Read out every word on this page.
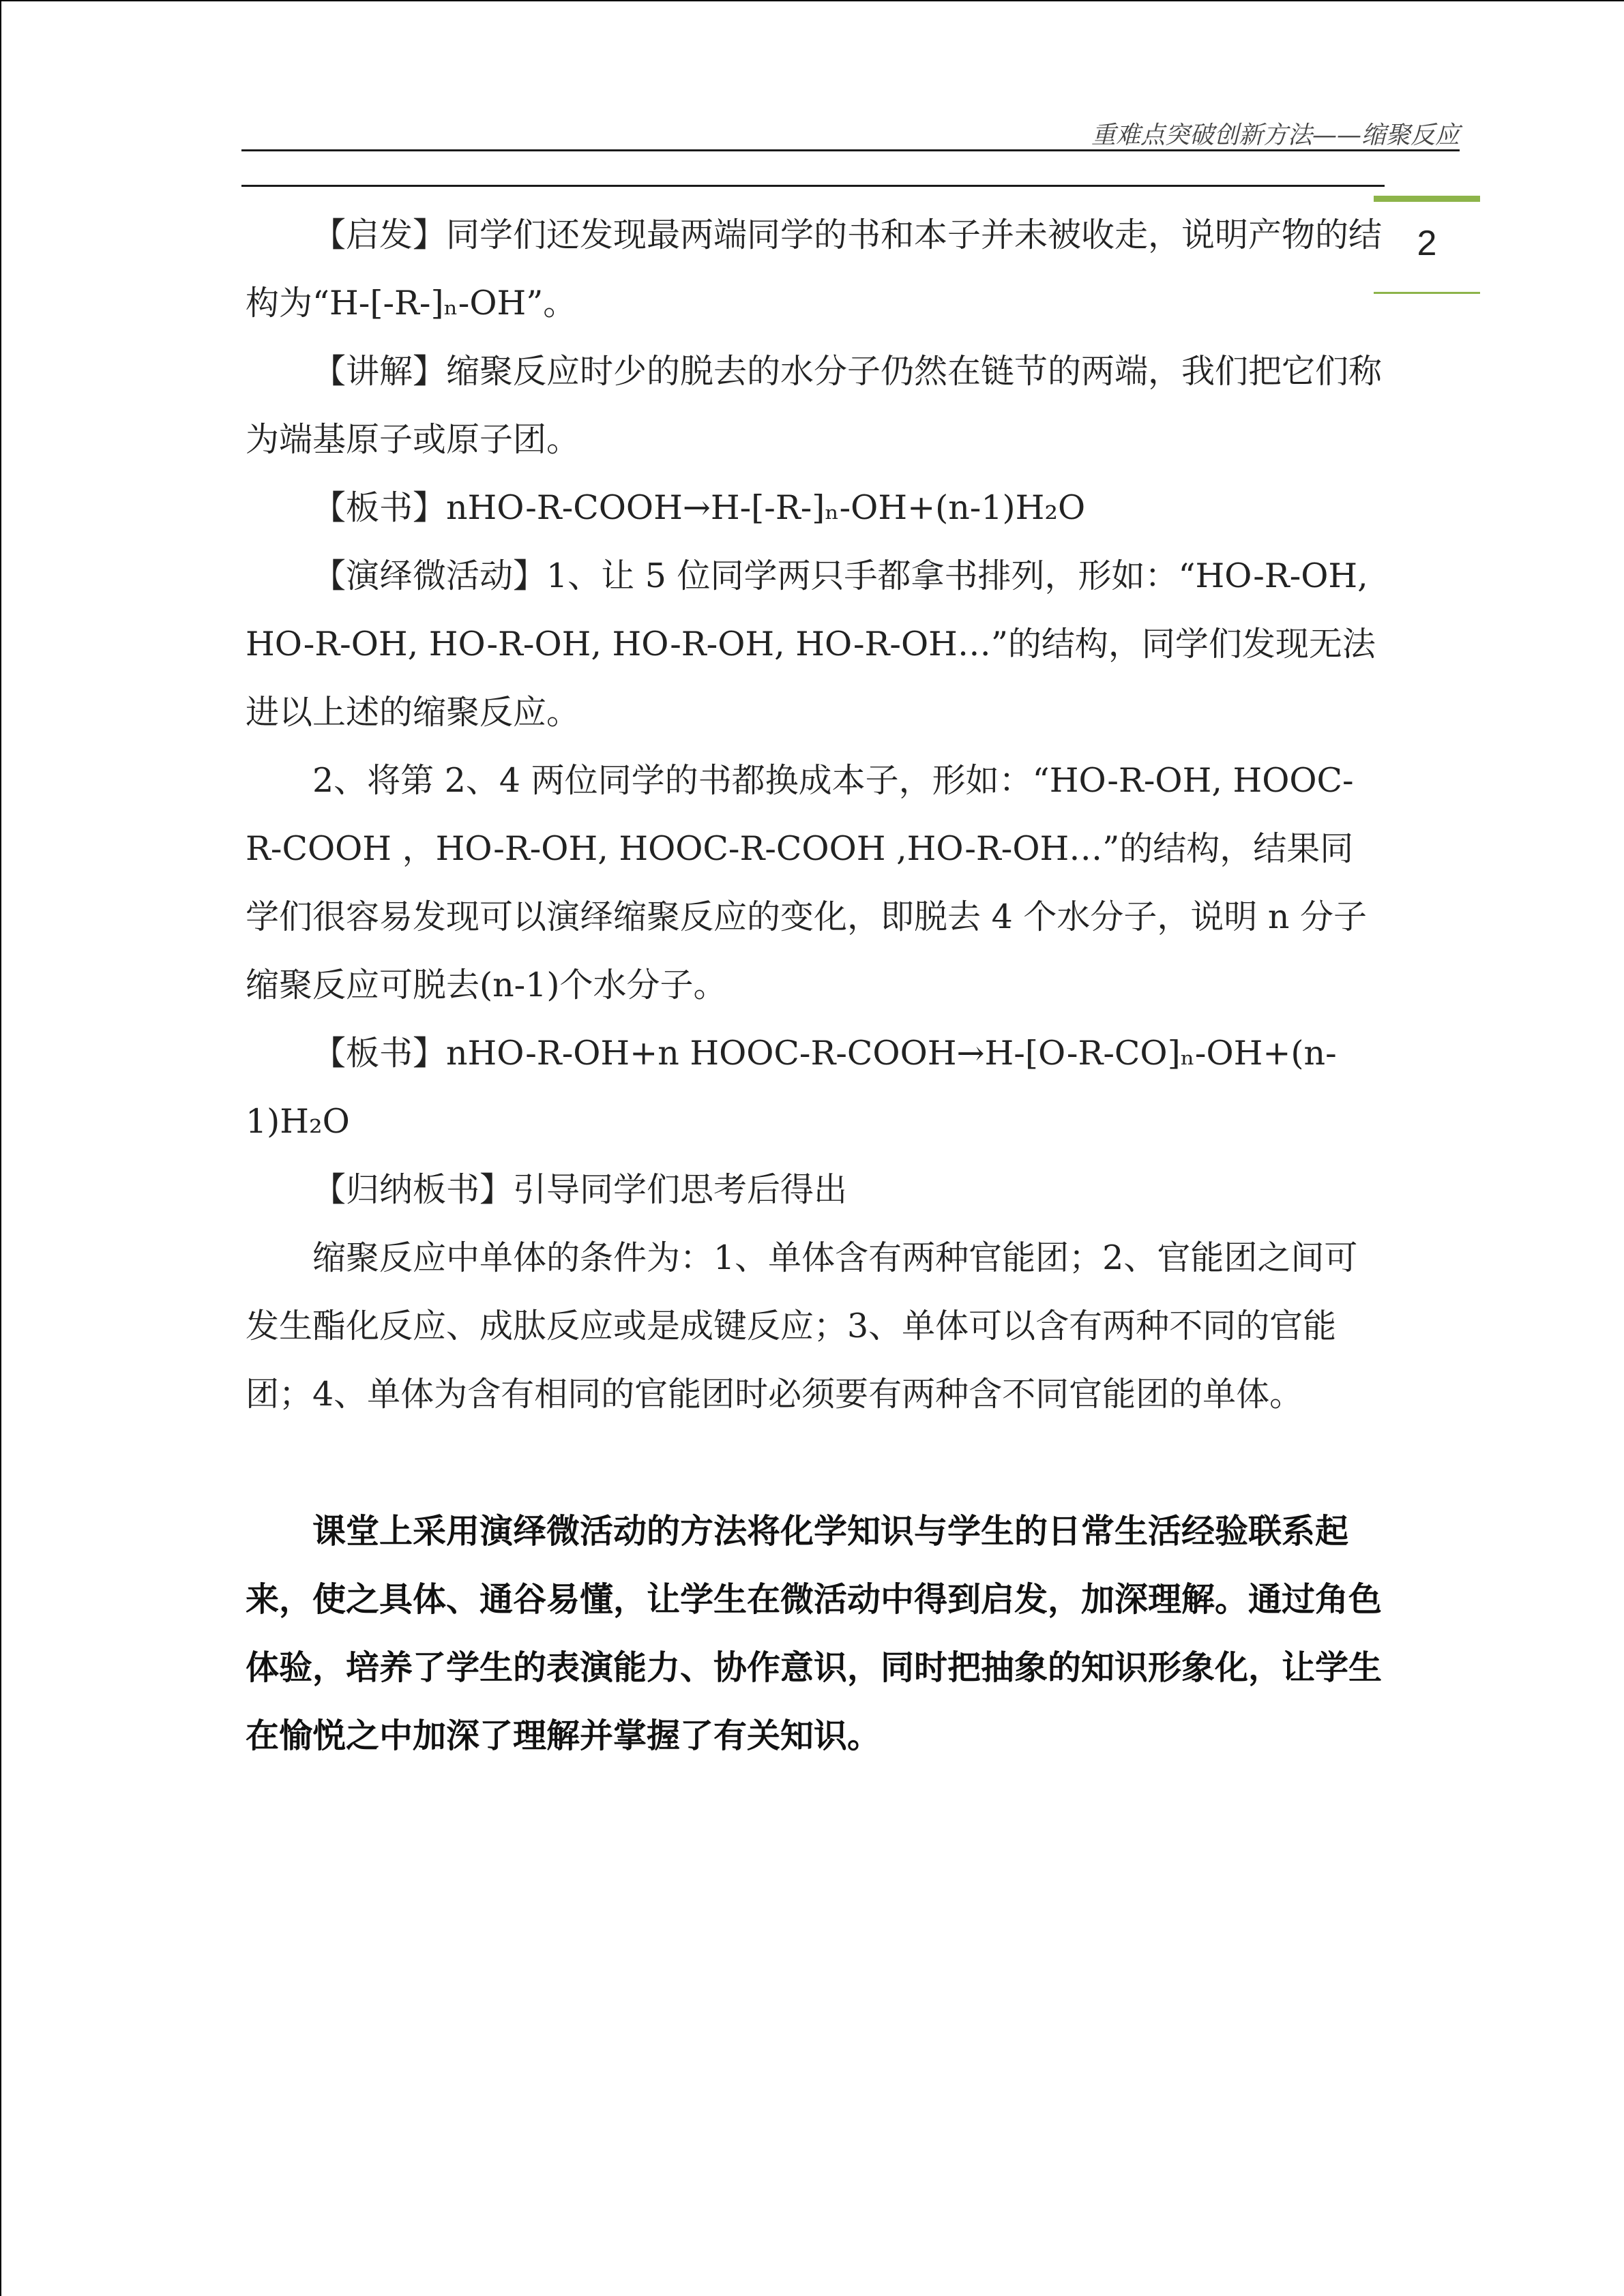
重难点突破创新方法——缩聚反应
2

【启发】同学们还发现最两端同学的书和本子并未被收走，说明产物的结构为“H-[-R-]ₙ-OH”。

【讲解】缩聚反应时少的脱去的水分子仍然在链节的两端，我们把它们称为端基原子或原子团。

【板书】nHO-R-COOH→H-[-R-]ₙ-OH+(n-1)H₂O

【演绎微活动】1、让 5 位同学两只手都拿书排列，形如：“HO-R-OH, HO-R-OH, HO-R-OH, HO-R-OH, HO-R-OH…”的结构，同学们发现无法进以上述的缩聚反应。

2、将第 2、4 两位同学的书都换成本子，形如：“HO-R-OH, HOOC-R-COOH ，HO-R-OH, HOOC-R-COOH ,HO-R-OH…”的结构，结果同学们很容易发现可以演绎缩聚反应的变化，即脱去 4 个水分子，说明 n 分子缩聚反应可脱去(n-1)个水分子。

【板书】nHO-R-OH+n HOOC-R-COOH→H-[O-R-CO]ₙ-OH+(n-1)H₂O

【归纳板书】引导同学们思考后得出

缩聚反应中单体的条件为：1、单体含有两种官能团；2、官能团之间可发生酯化反应、成肽反应或是成键反应；3、单体可以含有两种不同的官能团；4、单体为含有相同的官能团时必须要有两种含不同官能团的单体。

课堂上采用演绎微活动的方法将化学知识与学生的日常生活经验联系起来，使之具体、通谷易懂，让学生在微活动中得到启发，加深理解。通过角色体验，培养了学生的表演能力、协作意识，同时把抽象的知识形象化，让学生在愉悦之中加深了理解并掌握了有关知识。
